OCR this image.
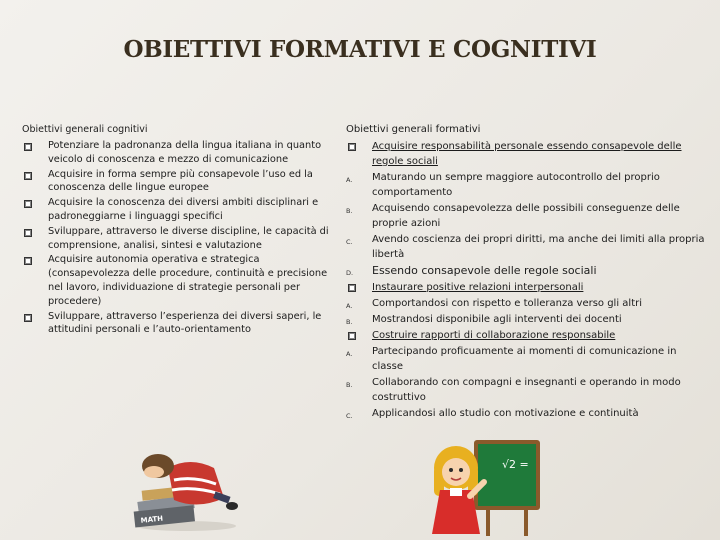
OBIETTIVI FORMATIVI E COGNITIVI

Obiettivi generali cognitivi

Potenziare la padronanza della lingua italiana in quanto veicolo di conoscenza e mezzo di comunicazione
Acquisire in forma sempre più consapevole l’uso ed la conoscenza delle lingue europee
Acquisire la conoscenza dei diversi ambiti disciplinari e padroneggiarne i linguaggi specifici
Sviluppare, attraverso le diverse discipline, le capacità di comprensione, analisi, sintesi e valutazione
Acquisire autonomia operativa e strategica (consapevolezza delle procedure, continuità e precisione nel lavoro, individuazione di strategie personali per procedere)
Sviluppare, attraverso l’esperienza dei diversi saperi, le attitudini personali e l’auto-orientamento

Obiettivi generali formativi

Acquisire responsabilità personale essendo consapevole delle regole sociali
A.	Maturando un sempre maggiore autocontrollo del proprio comportamento
B.	Acquisendo consapevolezza delle possibili conseguenze delle proprie azioni
C.	Avendo coscienza dei propri diritti, ma anche dei limiti alla propria libertà
D.	Essendo consapevole delle regole sociali
Instaurare positive relazioni interpersonali
A.	Comportandosi con rispetto e tolleranza verso gli altri
B.	Mostrandosi disponibile agli interventi dei docenti
Costruire rapporti di collaborazione responsabile
A.	Partecipando proficuamente ai momenti di comunicazione in classe
B.	Collaborando con compagni e insegnanti e operando in modo costruttivo
C.	Applicandosi allo studio con motivazione e continuità
MATH
√2 =
